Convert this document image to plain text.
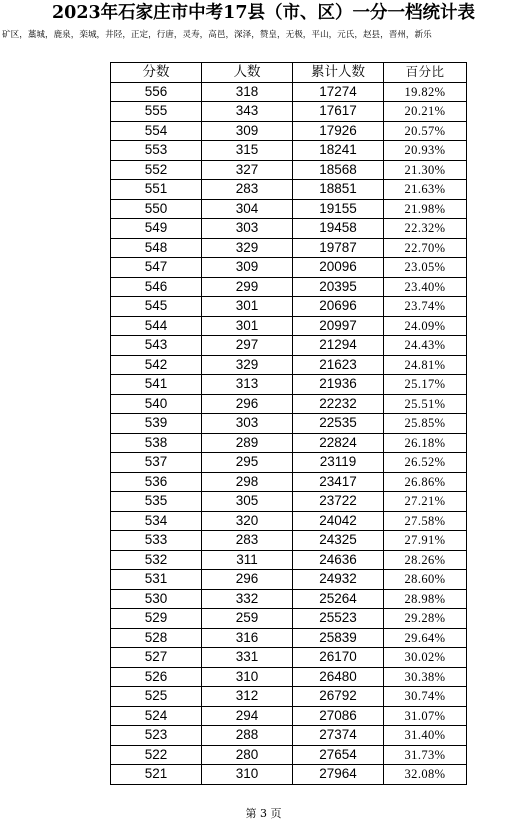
2023年石家庄市中考17县（市、区）一分一档统计表
矿区，藁城，鹿泉，栾城，井陉，正定，行唐，灵寿，高邑，深泽，赞皇，无极，平山，元氏，赵县，晋州，新乐
分数	人数	累计人数	百分比
556	318	17274	19.82%
555	343	17617	20.21%
554	309	17926	20.57%
553	315	18241	20.93%
552	327	18568	21.30%
551	283	18851	21.63%
550	304	19155	21.98%
549	303	19458	22.32%
548	329	19787	22.70%
547	309	20096	23.05%
546	299	20395	23.40%
545	301	20696	23.74%
544	301	20997	24.09%
543	297	21294	24.43%
542	329	21623	24.81%
541	313	21936	25.17%
540	296	22232	25.51%
539	303	22535	25.85%
538	289	22824	26.18%
537	295	23119	26.52%
536	298	23417	26.86%
535	305	23722	27.21%
534	320	24042	27.58%
533	283	24325	27.91%
532	311	24636	28.26%
531	296	24932	28.60%
530	332	25264	28.98%
529	259	25523	29.28%
528	316	25839	29.64%
527	331	26170	30.02%
526	310	26480	30.38%
525	312	26792	30.74%
524	294	27086	31.07%
523	288	27374	31.40%
522	280	27654	31.73%
521	310	27964	32.08%
第 3 页
